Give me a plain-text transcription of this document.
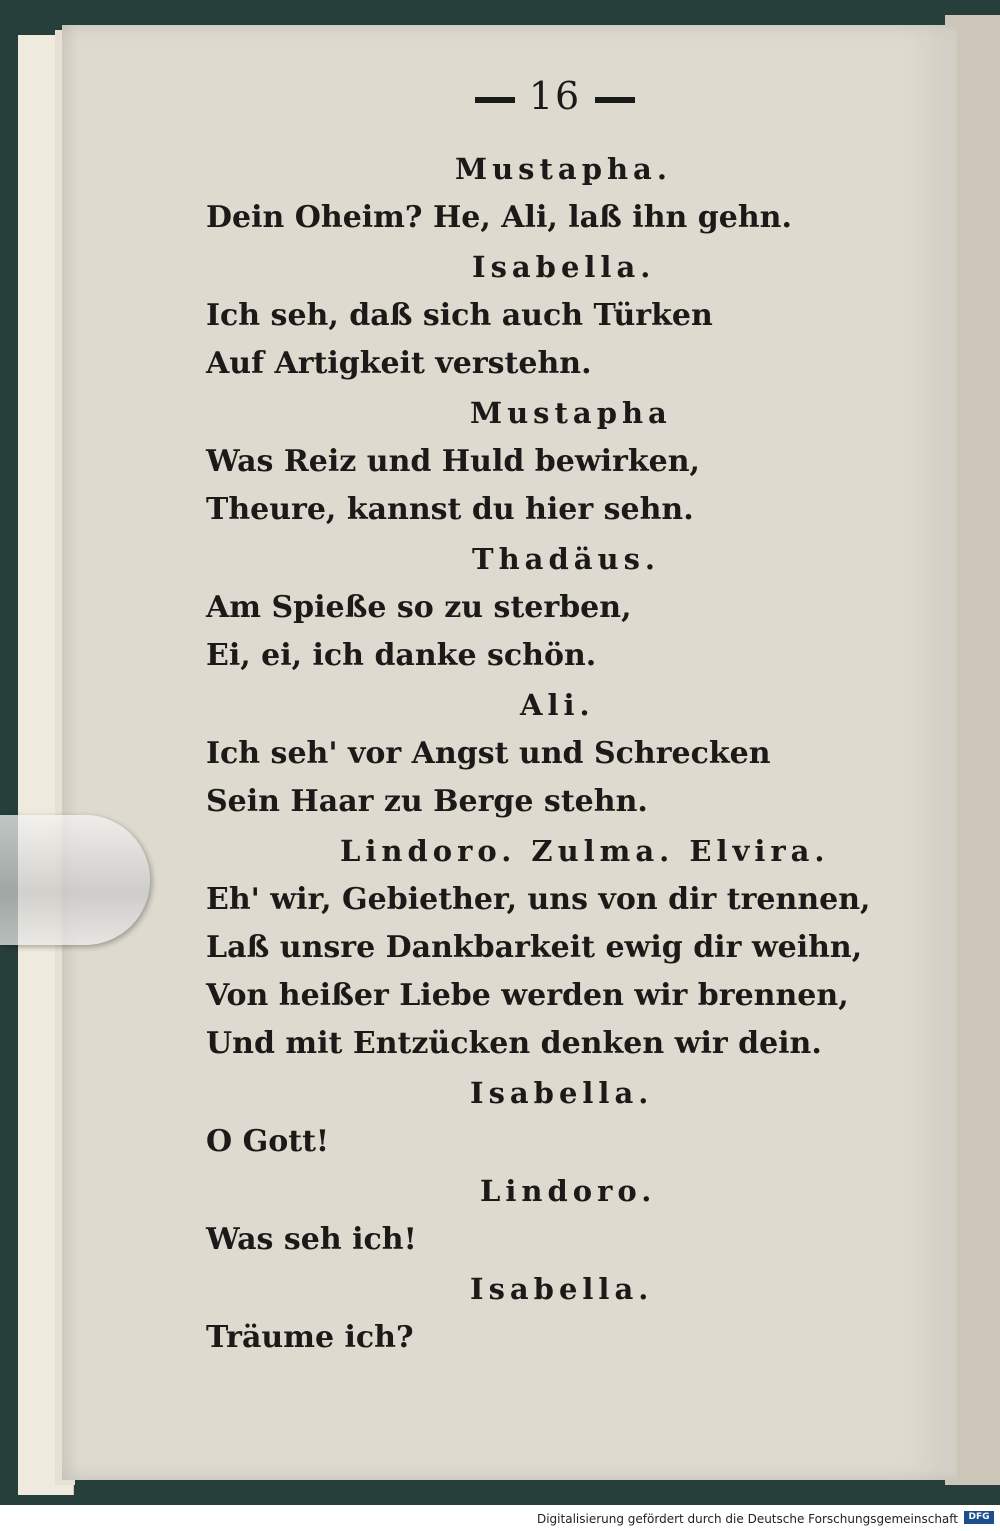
16
Mustapha.
Dein Oheim? He, Ali, laß ihn gehn.
Isabella.
Ich seh, daß sich auch Türken
Auf Artigkeit verstehn.
Mustapha
Was Reiz und Huld bewirken,
Theure, kannst du hier sehn.
Thadäus.
Am Spieße so zu sterben,
Ei, ei, ich danke schön.
Ali.
Ich seh' vor Angst und Schrecken
Sein Haar zu Berge stehn.
Lindoro. Zulma. Elvira.
Eh' wir, Gebiether, uns von dir trennen,
Laß unsre Dankbarkeit ewig dir weihn,
Von heißer Liebe werden wir brennen,
Und mit Entzücken denken wir dein.
Isabella.
O Gott!
Lindoro.
Was seh ich!
Isabella.
Träume ich?
Digitalisierung gefördert durch die Deutsche Forschungsgemeinschaft	DFG
